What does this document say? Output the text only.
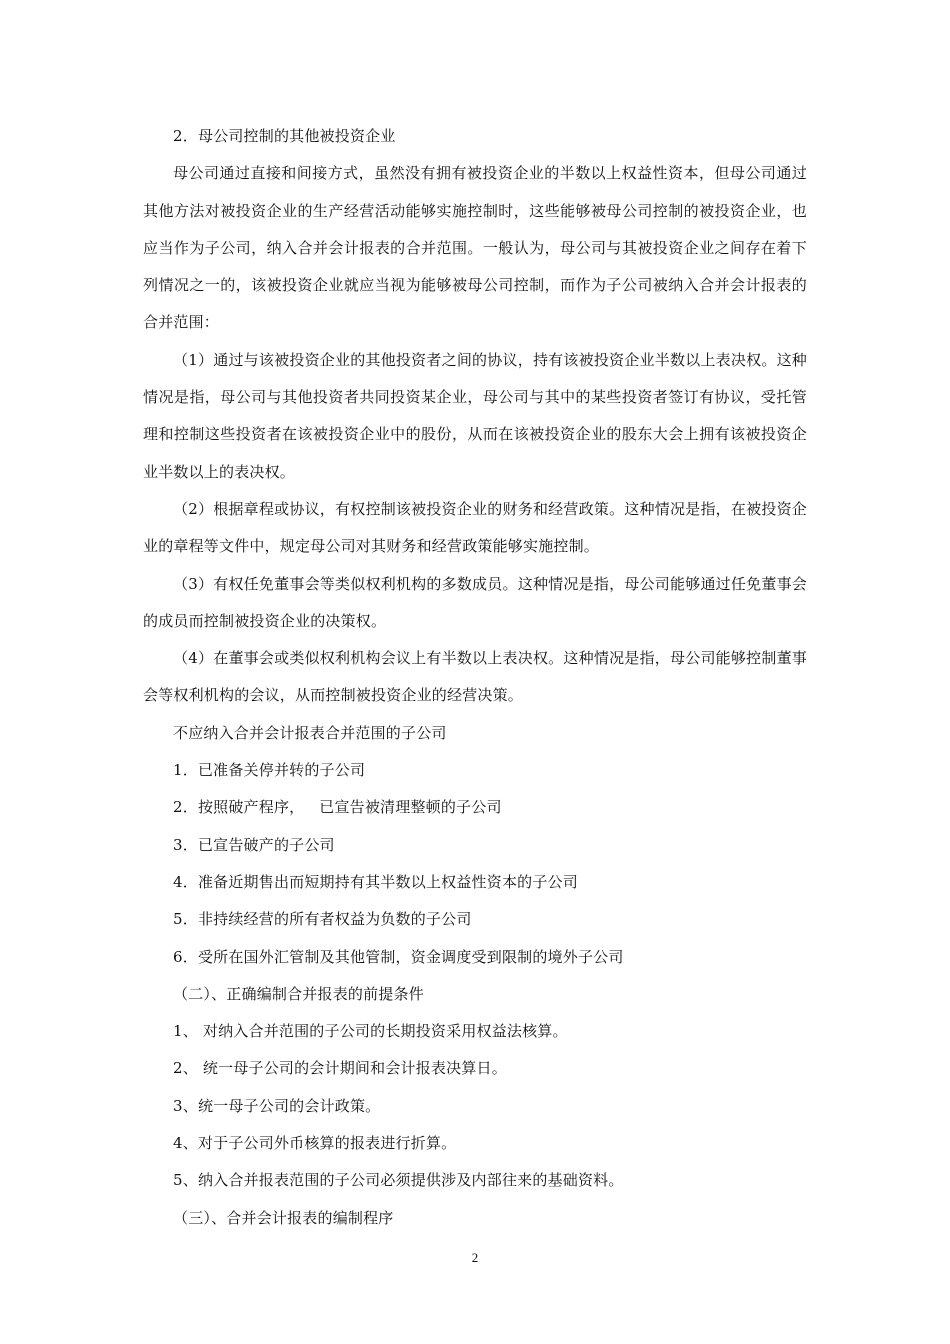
2．母公司控制的其他被投资企业

母公司通过直接和间接方式，虽然没有拥有被投资企业的半数以上权益性资本，但母公司通过其他方法对被投资企业的生产经营活动能够实施控制时，这些能够被母公司控制的被投资企业，也应当作为子公司，纳入合并会计报表的合并范围。一般认为，母公司与其被投资企业之间存在着下列情况之一的，该被投资企业就应当视为能够被母公司控制，而作为子公司被纳入合并会计报表的合并范围：

（1）通过与该被投资企业的其他投资者之间的协议，持有该被投资企业半数以上表决权。这种情况是指，母公司与其他投资者共同投资某企业，母公司与其中的某些投资者签订有协议，受托管理和控制这些投资者在该被投资企业中的股份，从而在该被投资企业的股东大会上拥有该被投资企业半数以上的表决权。

（2）根据章程或协议，有权控制该被投资企业的财务和经营政策。这种情况是指，在被投资企业的章程等文件中，规定母公司对其财务和经营政策能够实施控制。

（3）有权任免董事会等类似权利机构的多数成员。这种情况是指，母公司能够通过任免董事会的成员而控制被投资企业的决策权。

（4）在董事会或类似权利机构会议上有半数以上表决权。这种情况是指，母公司能够控制董事会等权利机构的会议，从而控制被投资企业的经营决策。

不应纳入合并会计报表合并范围的子公司

1．已准备关停并转的子公司

2．按照破产程序，   已宣告被清理整顿的子公司

3．已宣告破产的子公司

4．准备近期售出而短期持有其半数以上权益性资本的子公司

5．非持续经营的所有者权益为负数的子公司

6．受所在国外汇管制及其他管制，资金调度受到限制的境外子公司

（二）、正确编制合并报表的前提条件

1、 对纳入合并范围的子公司的长期投资采用权益法核算。

2、 统一母子公司的会计期间和会计报表决算日。

3、统一母子公司的会计政策。

4、对于子公司外币核算的报表进行折算。

5、纳入合并报表范围的子公司必须提供涉及内部往来的基础资料。

（三）、合并会计报表的编制程序

2
